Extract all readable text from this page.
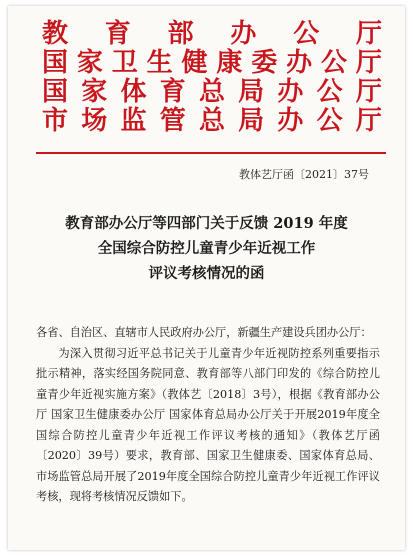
教 育 部 办 公 厅
国 家 卫 生 健 康 委 办 公 厅
国 家 体 育 总 局 办 公 厅
市 场 监 管 总 局 办 公 厅
教体艺厅函〔2021〕37号
教育部办公厅等四部门关于反馈 2019 年度
全国综合防控儿童青少年近视工作
评议考核情况的函
各省、自治区、直辖市人民政府办公厅，新疆生产建设兵团办公厅：

为深入贯彻习近平总书记关于儿童青少年近视防控系列重要指示批示精神，落实经国务院同意、教育部等八部门印发的《综合防控儿童青少年近视实施方案》（教体艺〔2018〕3号），根据《教育部办公厅 国家卫生健康委办公厅 国家体育总局办公厅关于开展2019年度全国综合防控儿童青少年近视工作评议考核的通知》（教体艺厅函〔2020〕39号）要求，教育部、国家卫生健康委、国家体育总局、市场监管总局开展了2019年度全国综合防控儿童青少年近视工作评议考核，现将考核情况反馈如下。
